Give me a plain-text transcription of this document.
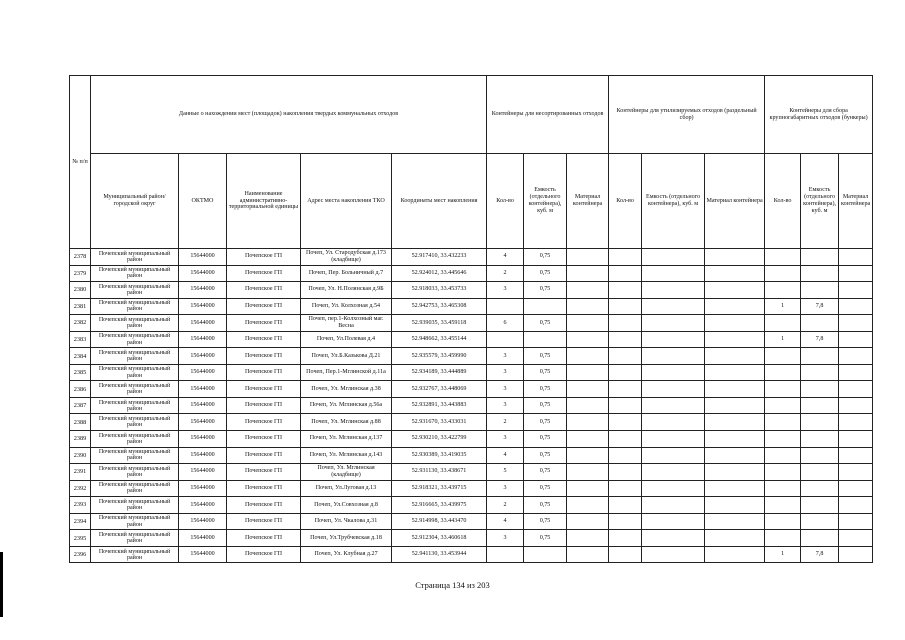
№ п/п	Данные о нахождении мест (площадок) накопления твердых коммунальных отходов					Контейнеры для несортированных отходов			Контейнеры для утилизируемых отходов (раздельный сбор)			Контейнеры для сбора крупногабаритных отходов (бункеры)		
	Муниципальный район/городской округ	ОКТМО	Наименование административно-территориальной единицы	Адрес места накопления ТКО	Координаты мест накопления	Кол-во	Емкость (отдельного контейнера), куб. м	Материал контейнера	Кол-во	Емкость (отдельного контейнера), куб. м	Материал контейнера	Кол-во	Емкость (отдельного контейнера), куб. м	Материал контейнера
2378	Почепский муниципальный район	15644000	Почепское ГП	Почеп, Ул. Стародубская д.173 (кладбище)	52.917410, 33.432233	4	0,75							
2379	Почепский муниципальный район	15644000	Почепское ГП	Почеп, Пер. Больничный д.7	52.924012, 33.445646	2	0,75							
2380	Почепский муниципальный район	15644000	Почепское ГП	Почеп, Ул. Н.Полянская д.9Б	52.918033, 33.453733	3	0,75							
2381	Почепский муниципальный район	15644000	Почепское ГП	Почеп, Ул. Колхозная д.54	52.942753, 33.465308							1	7,8	
2382	Почепский муниципальный район	15644000	Почепское ГП	Почеп, пер.1-Колхозный маг. Весна	52.939035, 33.459118	6	0,75							
2383	Почепский муниципальный район	15644000	Почепское ГП	Почеп, Ул.Полевая д.4	52.948662, 33.455144							1	7,8	
2384	Почепский муниципальный район	15644000	Почепское ГП	Почеп, Ул.Б.Казькова Д.21	52.935579, 33.459990	3	0,75							
2385	Почепский муниципальный район	15644000	Почепское ГП	Почеп, Пер.1-Мглинской д.11а	52.934189, 33.444889	3	0,75							
2386	Почепский муниципальный район	15644000	Почепское ГП	Почеп, Ул. Мглинская д.38	52.932767, 33.448069	3	0,75							
2387	Почепский муниципальный район	15644000	Почепское ГП	Почеп, Ул. Мглинская д.56а	52.932891, 33.443883	3	0,75							
2388	Почепский муниципальный район	15644000	Почепское ГП	Почеп, Ул. Мглинская д.88	52.931670, 33.433031	2	0,75							
2389	Почепский муниципальный район	15644000	Почепское ГП	Почеп, Ул. Мглинская д.137	52.930210, 33.422799	3	0,75							
2390	Почепский муниципальный район	15644000	Почепское ГП	Почеп, Ул. Мглинская д.143	52.930389, 33.419035	4	0,75							
2391	Почепский муниципальный район	15644000	Почепское ГП	Почеп, Ул. Мглинская (кладбище)	52.931130, 33.438671	5	0,75							
2392	Почепский муниципальный район	15644000	Почепское ГП	Почеп, Ул.Луговая д.13	52.918321, 33.439715	3	0,75							
2393	Почепский муниципальный район	15644000	Почепское ГП	Почеп, Ул.Совхозная д.8	52.916665, 33.439975	2	0,75							
2394	Почепский муниципальный район	15644000	Почепское ГП	Почеп, Ул. Чкалова д.31	52.914998, 33.443470	4	0,75							
2395	Почепский муниципальный район	15644000	Почепское ГП	Почеп, Ул.Трубчевская д.18	52.912304, 33.460618	3	0,75							
2396	Почепский муниципальный район	15644000	Почепское ГП	Почеп, Ул. Клубная д.27	52.941130, 33.453944							1	7,8	
Страница 134 из 203
